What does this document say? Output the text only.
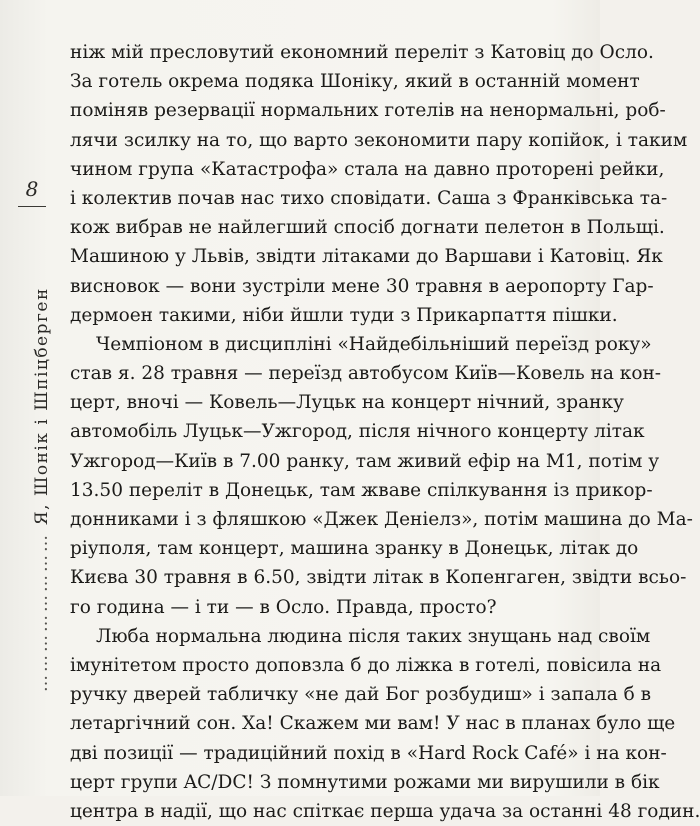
8
…………………… Я, Шонік і Шпіцберген
ніж мій пресловутий економний переліт з Катовіц до Осло.
За готель окрема подяка Шоніку, який в останній момент
поміняв резервації нормальних готелів на ненормальні, роб-
лячи зсилку на то, що варто зекономити пару копійок, і таким
чином група «Катастрофа» стала на давно проторені рейки,
і колектив почав нас тихо сповідати. Саша з Франківська та-
кож вибрав не найлегший спосіб догнати пелетон в Польщі.
Машиною у Львів, звідти літаками до Варшави і Катовіц. Як
висновок — вони зустріли мене 30 травня в аеропорту Гар-
дермоен такими, ніби йшли туди з Прикарпаття пішки.
Чемпіоном в дисципліні «Найдебільніший переїзд року»
став я. 28 травня — переїзд автобусом Київ—Ковель на кон-
церт, вночі — Ковель—Луцьк на концерт нічний, зранку
автомобіль Луцьк—Ужгород, після нічного концерту літак
Ужгород—Київ в 7.00 ранку, там живий ефір на М1, потім у
13.50 переліт в Донецьк, там жваве спілкування із прикор-
донниками і з фляшкою «Джек Деніелз», потім машина до Ма-
ріуполя, там концерт, машина зранку в Донецьк, літак до
Києва 30 травня в 6.50, звідти літак в Копенгаген, звідти всьо-
го година — і ти — в Осло. Правда, просто?
Люба нормальна людина після таких знущань над своїм
імунітетом просто доповзла б до ліжка в готелі, повісила на
ручку дверей табличку «не дай Бог розбудиш» і запала б в
летаргічний сон. Ха! Скажем ми вам! У нас в планах було ще
дві позиції — традиційний похід в «Hard Rock Café» і на кон-
церт групи AC/DC! З помнутими рожами ми вирушили в бік
центра в надії, що нас спіткає перша удача за останні 48 годин.
